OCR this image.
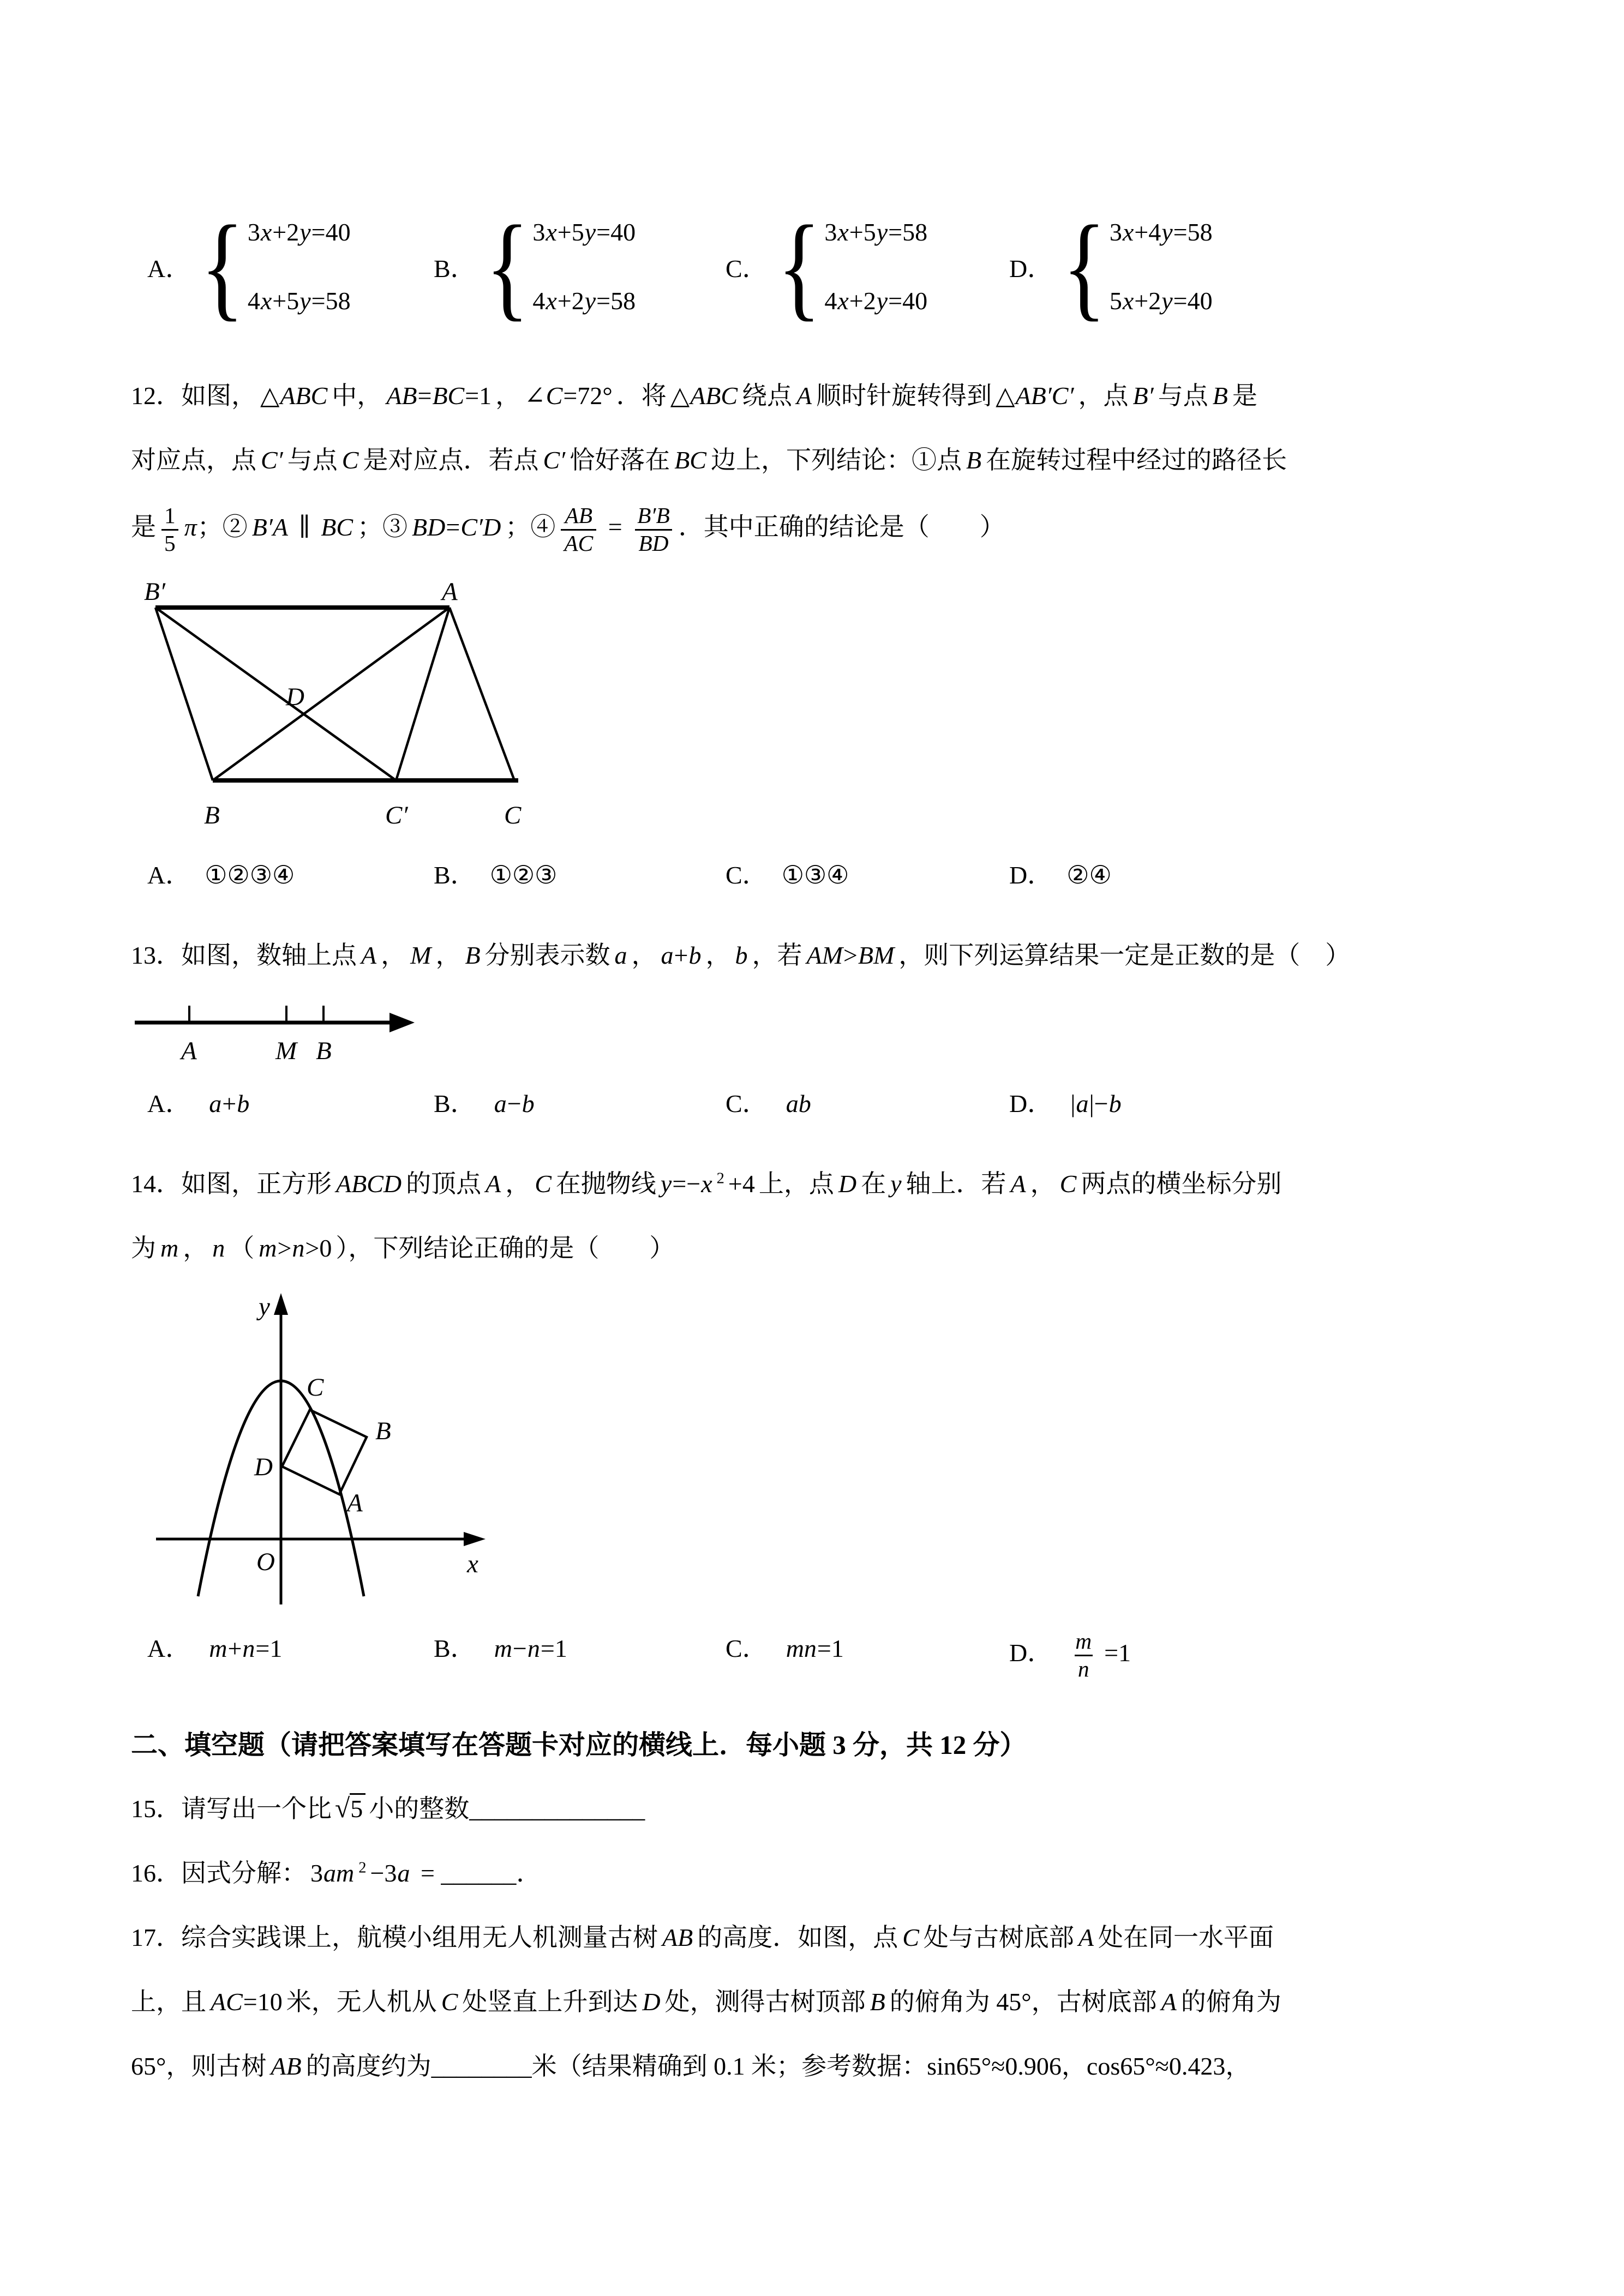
A． { 3x+2y=40
4x+5y=58
B． { 3x+5y=40
4x+2y=58
C． { 3x+5y=58
4x+2y=40
D． { 3x+4y=58
5x+2y=40
12．如图， △ABC 中， AB=BC=1 ， ∠C=72° ．将 △ABC 绕点 A 顺时针旋转得到 △AB′C′ ，点 B′ 与点 B 是
对应点，点 C′ 与点 C 是对应点．若点 C′ 恰好落在 BC 边上，下列结论：①点 B 在旋转过程中经过的路径长
是 $\frac{1}{5}$ π；② B′A ∥ BC ；③ BD=C′D ；④ $\frac{AB}{AC} = \frac{B'B}{BD}$ ．其中正确的结论是（　　）
B′	A
D
B	C′	C
A． ①②③④	B． ①②③	C． ①③④	D． ②④
13．如图，数轴上点 A ， M ， B 分别表示数 a ， a+b ， b ，若 AM>BM ，则下列运算结果一定是正数的是（　）
A	M B
A． a+b	B． a−b	C． ab	D． |a|−b
14．如图，正方形 ABCD 的顶点 A ， C 在抛物线 y=−x $^2$ +4 上，点 D 在 y 轴上．若 A ， C 两点的横坐标分别
为 m ， n （ m>n>0 ），下列结论正确的是（　　）
y
C
B
D
A
O	x
A． m+n=1	B． m−n=1	C． mn=1	D． $\frac{m}{n} =1$
二、填空题（请把答案填写在答题卡对应的横线上．每小题 3 分，共 12 分）
15．请写出一个比 √5 小的整数______________
16．因式分解： 3am $^2$ −3a = ______．
17．综合实践课上，航模小组用无人机测量古树 AB 的高度．如图，点 C 处与古树底部 A 处在同一水平面
上，且 AC=10 米，无人机从 C 处竖直上升到达 D 处，测得古树顶部 B 的俯角为 45°，古树底部 A 的俯角为
65°，则古树 AB 的高度约为________米（结果精确到 0.1 米；参考数据：sin65°≈0.906，cos65°≈0.423，
